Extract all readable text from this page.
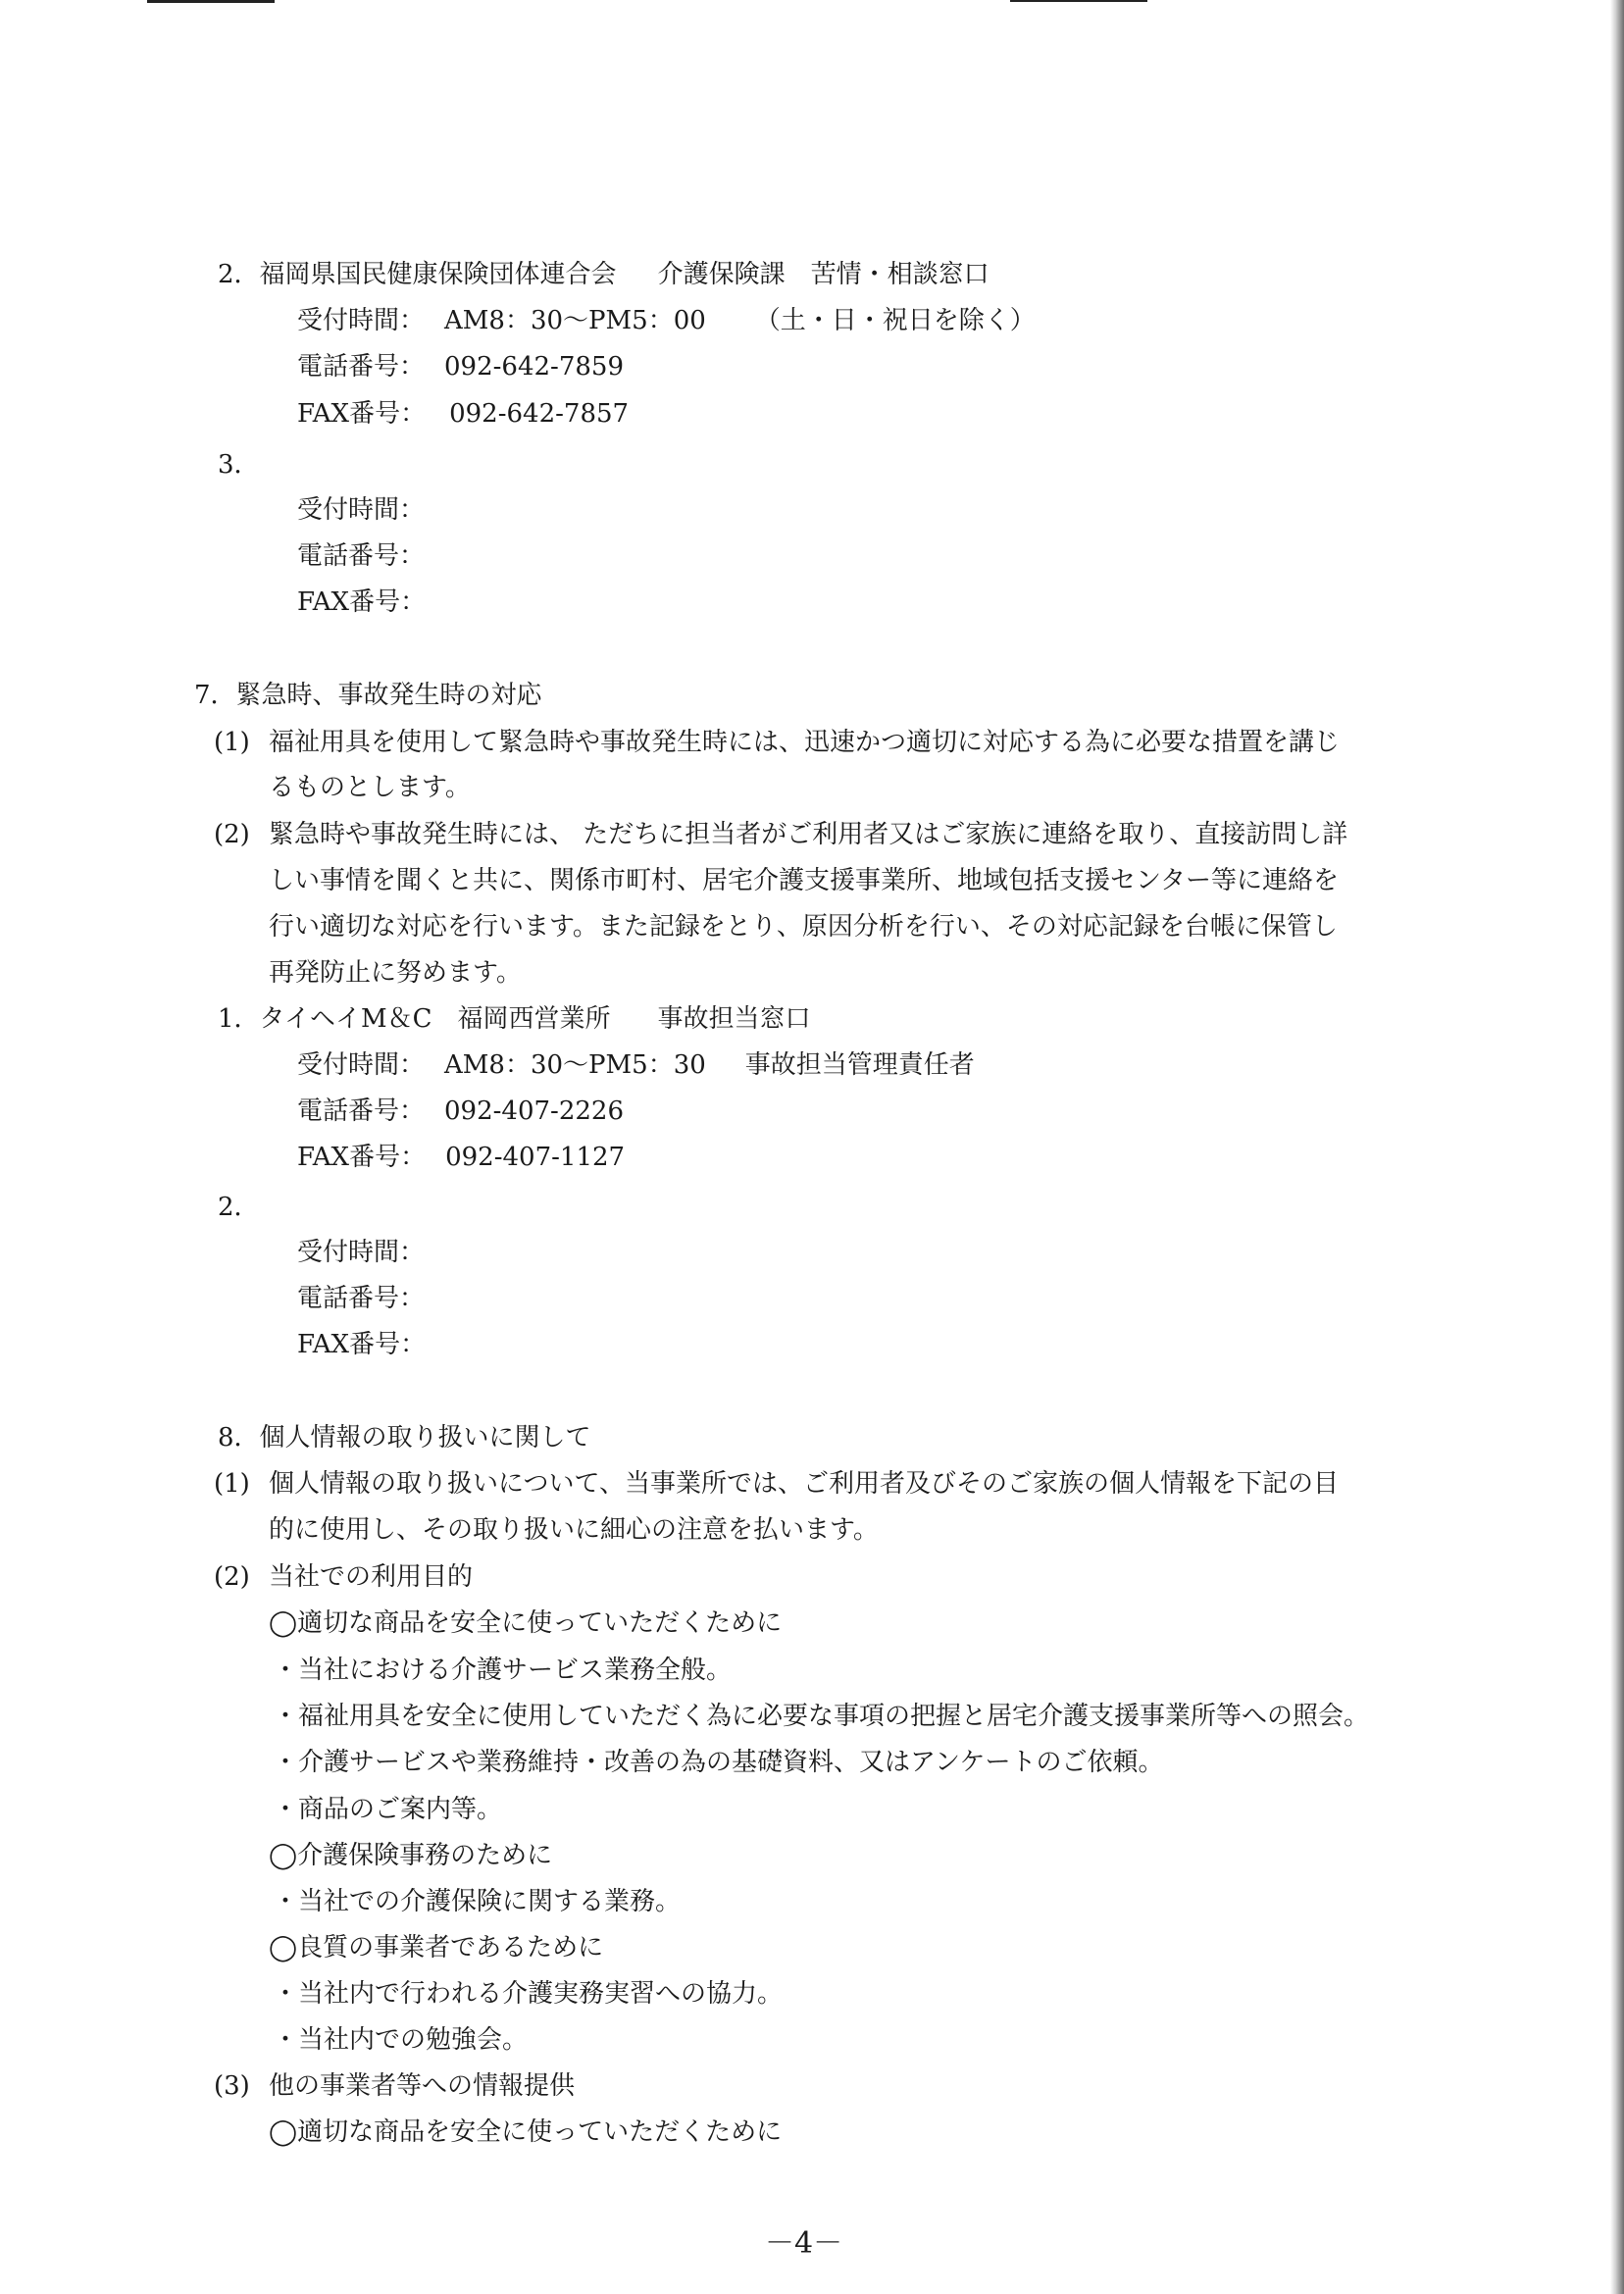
2．福岡県国民健康保険団体連合会 介護保険課　苦情・相談窓口
受付時間： AM8：30～PM5：00 （土・日・祝日を除く）
電話番号： 092-642-7859
FAX番号： 092-642-7857
3．
受付時間：
電話番号：
FAX番号：
7．緊急時、事故発生時の対応
(1) 福祉用具を使用して緊急時や事故発生時には、迅速かつ適切に対応する為に必要な措置を講じ
るものとします。
(2) 緊急時や事故発生時には、 ただちに担当者がご利用者又はご家族に連絡を取り、直接訪問し詳
しい事情を聞くと共に、関係市町村、居宅介護支援事業所、地域包括支援センター等に連絡を
行い適切な対応を行います。また記録をとり、原因分析を行い、その対応記録を台帳に保管し
再発防止に努めます。
1．タイヘイM＆C　福岡西営業所 事故担当窓口
受付時間： AM8：30～PM5：30 事故担当管理責任者
電話番号： 092-407-2226
FAX番号： 092-407-1127
2．
受付時間：
電話番号：
FAX番号：
8．個人情報の取り扱いに関して
(1) 個人情報の取り扱いについて、当事業所では、ご利用者及びそのご家族の個人情報を下記の目
的に使用し、その取り扱いに細心の注意を払います。
(2) 当社での利用目的
◯適切な商品を安全に使っていただくために
・当社における介護サービス業務全般。
・福祉用具を安全に使用していただく為に必要な事項の把握と居宅介護支援事業所等への照会。
・介護サービスや業務維持・改善の為の基礎資料、又はアンケートのご依頼。
・商品のご案内等。
◯介護保険事務のために
・当社での介護保険に関する業務。
◯良質の事業者であるために
・当社内で行われる介護実務実習への協力。
・当社内での勉強会。
(3) 他の事業者等への情報提供
◯適切な商品を安全に使っていただくために
－4－
